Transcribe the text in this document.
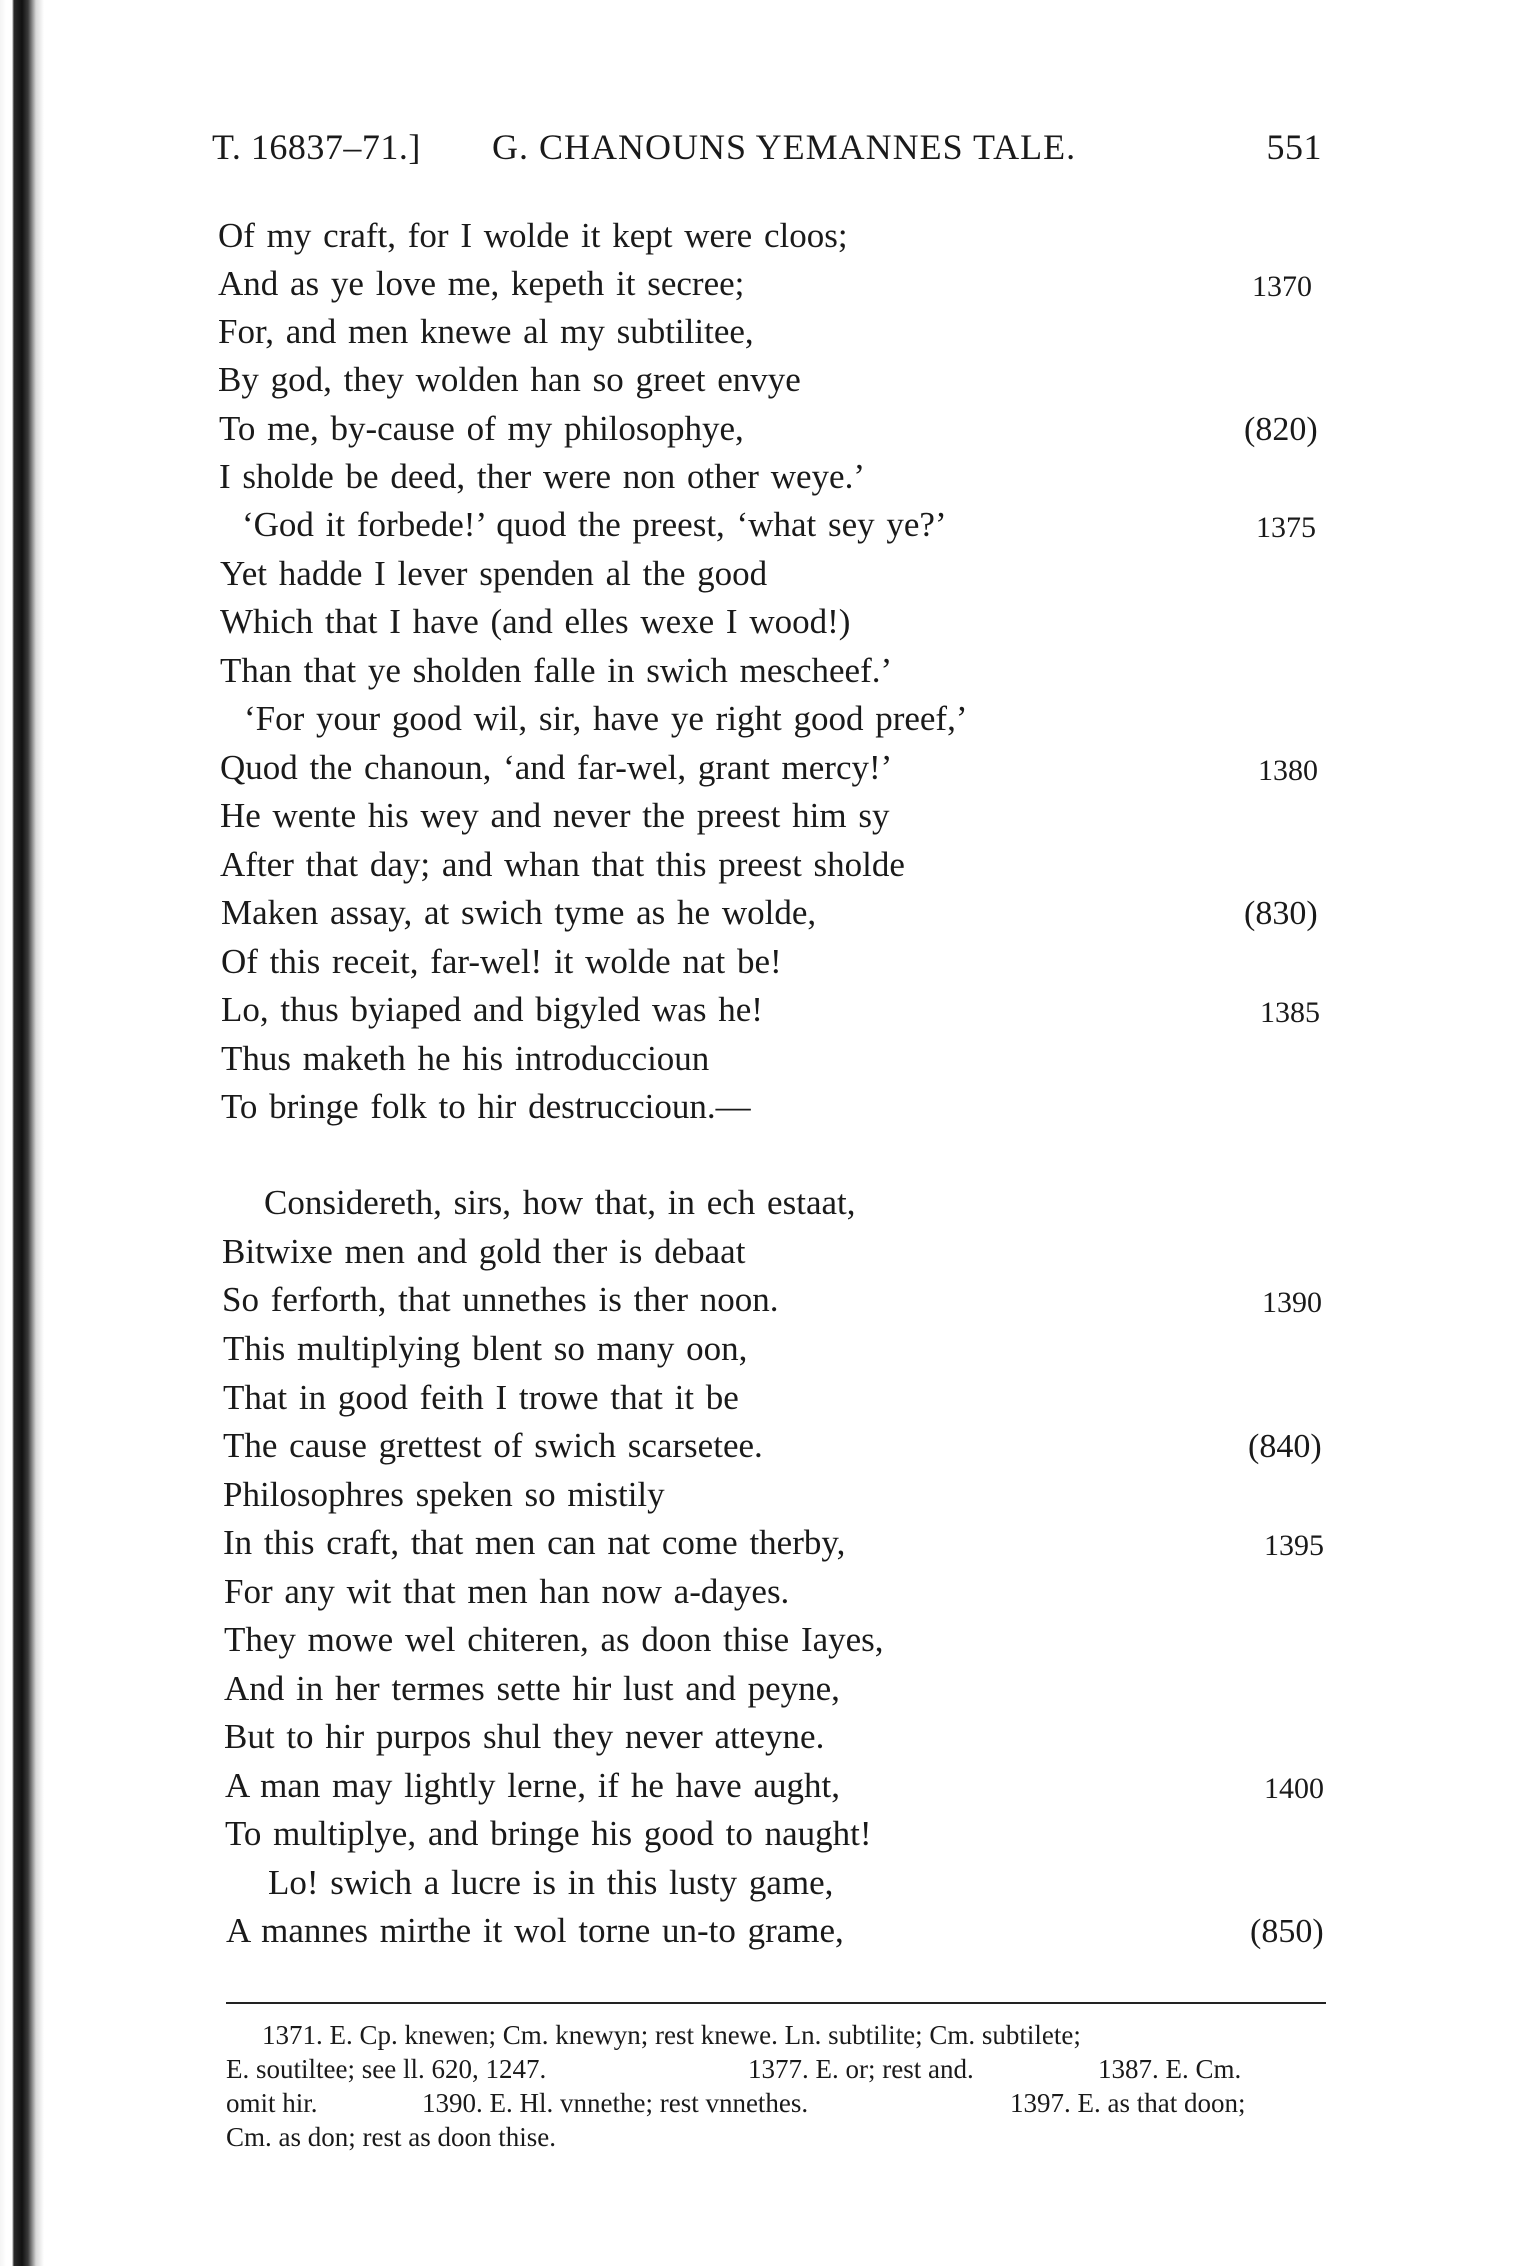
T. 16837–71.] G. CHANOUNS YEMANNES TALE.	551
Of my craft, for I wolde it kept were cloos;
And as ye love me, kepeth it secree;	1370
For, and men knewe al my subtilitee,
By god, they wolden han so greet envye
To me, by-cause of my philosophye,	(820)
I sholde be deed, ther were non other weye.’
‘God it forbede!’ quod the preest, ‘what sey ye?’	1375
Yet hadde I lever spenden al the good
Which that I have (and elles wexe I wood!)
Than that ye sholden falle in swich mescheef.’
‘For your good wil, sir, have ye right good preef,’
Quod the chanoun, ‘and far-wel, grant mercy!’	1380
He wente his wey and never the preest him sy
After that day; and whan that this preest sholde
Maken assay, at swich tyme as he wolde,	(830)
Of this receit, far-wel! it wolde nat be!
Lo, thus byiaped and bigyled was he!	1385
Thus maketh he his introduccioun
To bringe folk to hir destruccioun.—
Considereth, sirs, how that, in ech estaat,
Bitwixe men and gold ther is debaat
So ferforth, that unnethes is ther noon.	1390
This multiplying blent so many oon,
That in good feith I trowe that it be
The cause grettest of swich scarsetee.	(840)
Philosophres speken so mistily
In this craft, that men can nat come therby,	1395
For any wit that men han now a-dayes.
They mowe wel chiteren, as doon thise Iayes,
And in her termes sette hir lust and peyne,
But to hir purpos shul they never atteyne.
A man may lightly lerne, if he have aught,	1400
To multiplye, and bringe his good to naught!
Lo! swich a lucre is in this lusty game,
A mannes mirthe it wol torne un-to grame,	(850)
1371. E. Cp. knewen; Cm. knewyn; rest knewe. Ln. subtilite; Cm. subtilete;
E. soutiltee; see ll. 620, 1247.	1377. E. or; rest and.	1387. E. Cm.
omit hir.	1390. E. Hl. vnnethe; rest vnnethes.	1397. E. as that doon;
Cm. as don; rest as doon thise.
